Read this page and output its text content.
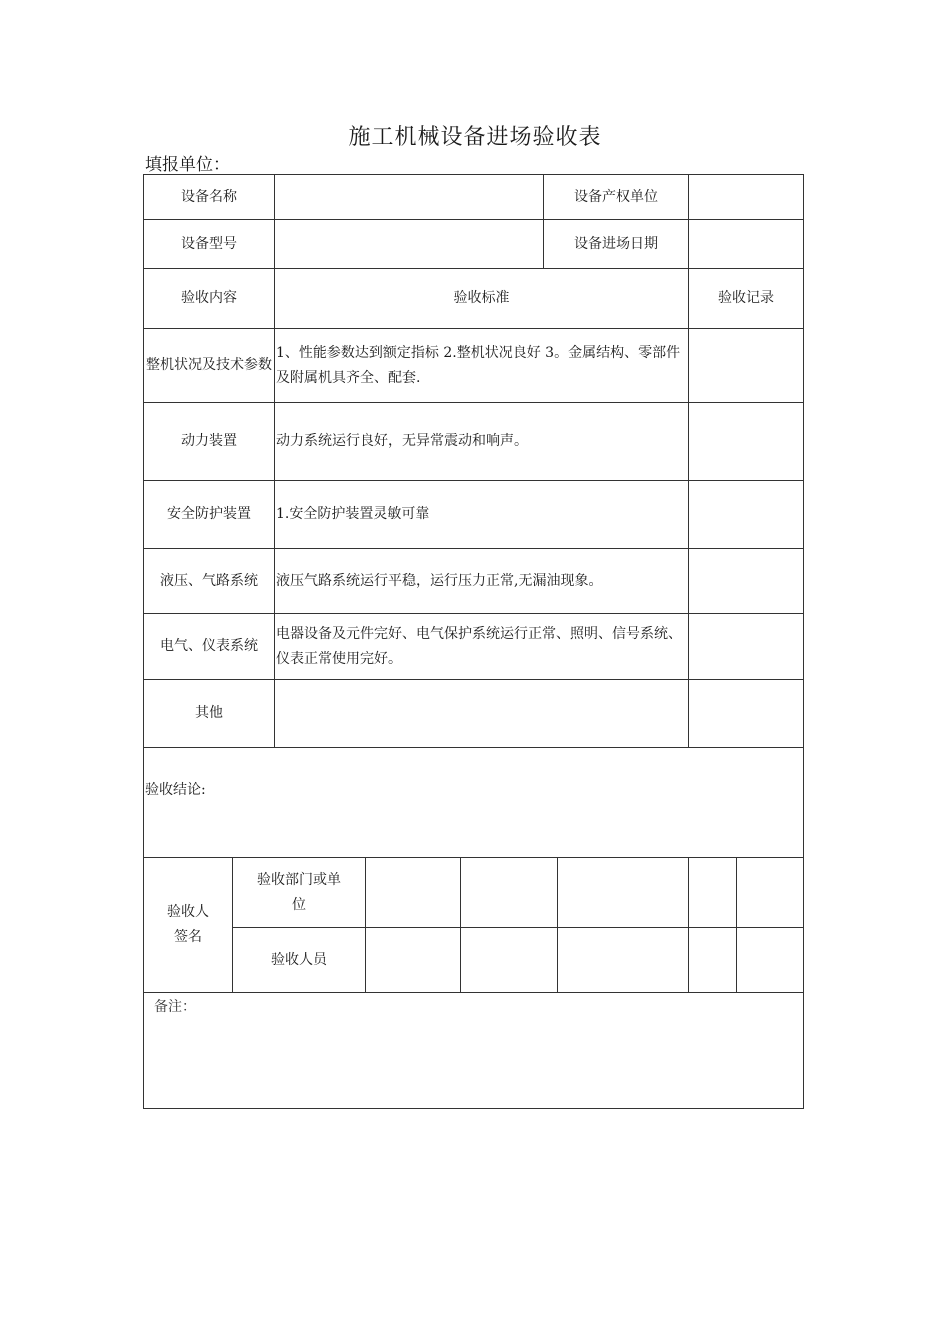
施工机械设备进场验收表
填报单位：
设备名称					设备产权单位			
设备型号					设备进场日期			
验收内容		验收标准					验收记录	
整机状况及技术参数		1、性能参数达到额定指标 2.整机状况良好 3。金属结构、零部件及附属机具齐全、配套.						
动力装置		动力系统运行良好，无异常震动和响声。						
安全防护装置		1.安全防护装置灵敏可靠						
液压、气路系统		液压气路系统运行平稳，运行压力正常,无漏油现象。						
电气、仪表系统		电器设备及元件完好、电气保护系统运行正常、照明、信号系统、仪表正常使用完好。						
其他								
验收结论:								
验收人签名	验收部门或单位							
	验收人员							
备注：								
